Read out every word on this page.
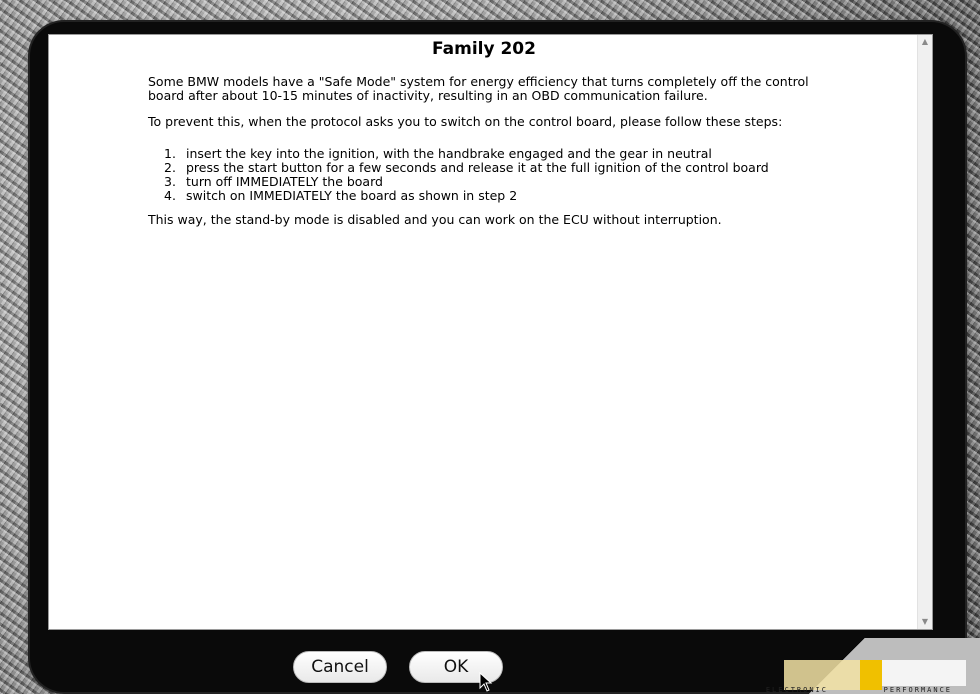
Family 202

Some BMW models have a "Safe Mode" system for energy efficiency that turns completely off the control board after about 10-15 minutes of inactivity, resulting in an OBD communication failure.

To prevent this, when the protocol asks you to switch on the control board, please follow these steps:

1. insert the key into the ignition, with the handbrake engaged and the gear in neutral
2. press the start button for a few seconds and release it at the full ignition of the control board
3. turn off IMMEDIATELY the board
4. switch on IMMEDIATELY the board as shown in step 2

This way, the stand-by mode is disabled and you can work on the ECU without interruption.

▲
▼
Cancel	OK
ELECTRONIC	PERFORMANCE
